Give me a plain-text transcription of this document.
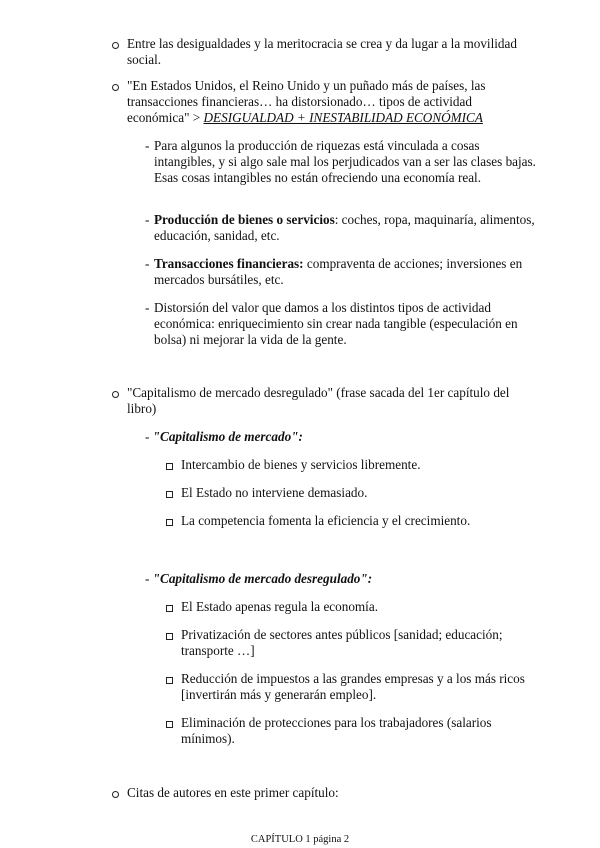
Entre las desigualdades y la meritocracia se crea y da lugar a la movilidad social.
"En Estados Unidos, el Reino Unido y un puñado más de países, las transacciones financieras… ha distorsionado… tipos de actividad económica" > DESIGUALDAD + INESTABILIDAD ECONÓMICA
- Para algunos la producción de riquezas está vinculada a cosas intangibles, y si algo sale mal los perjudicados van a ser las clases bajas. Esas cosas intangibles no están ofreciendo una economía real.
- Producción de bienes o servicios: coches, ropa, maquinaría, alimentos, educación, sanidad, etc.
- Transacciones financieras: compraventa de acciones; inversiones en mercados bursátiles, etc.
- Distorsión del valor que damos a los distintos tipos de actividad económica: enriquecimiento sin crear nada tangible (especulación en bolsa) ni mejorar la vida de la gente.
"Capitalismo de mercado desregulado" (frase sacada del 1er capítulo del libro)
- "Capitalismo de mercado":
Intercambio de bienes y servicios libremente.
El Estado no interviene demasiado.
La competencia fomenta la eficiencia y el crecimiento.
- "Capitalismo de mercado desregulado":
El Estado apenas regula la economía.
Privatización de sectores antes públicos [sanidad; educación; transporte …]
Reducción de impuestos a las grandes empresas y a los más ricos [invertirán más y generarán empleo].
Eliminación de protecciones para los trabajadores (salarios mínimos).
Citas de autores en este primer capítulo:
CAPÍTULO 1 página 2
